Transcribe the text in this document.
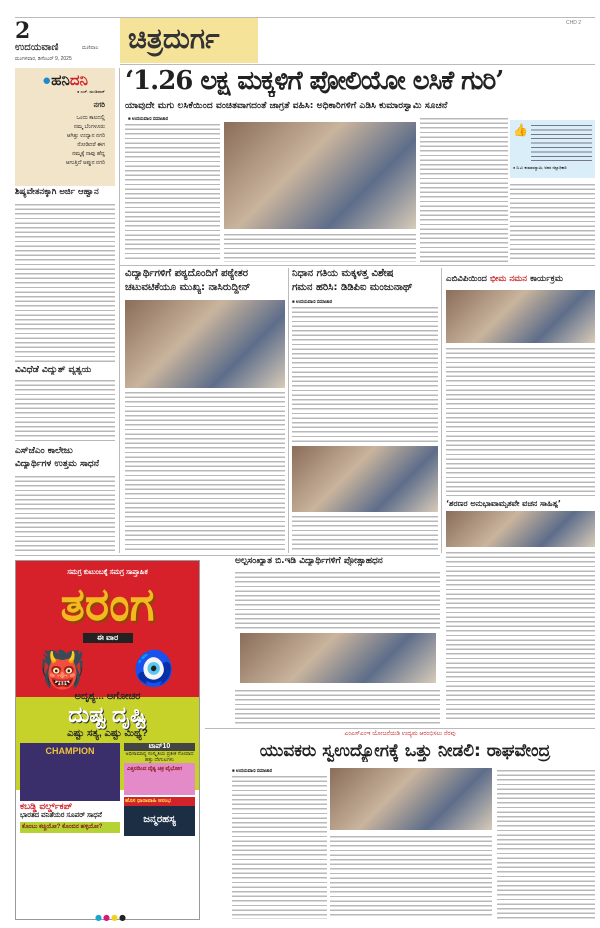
2
ಉದಯವಾಣಿ	ಮಣಿಪಾಲ
ಮಂಗಳವಾರ, ಡಿಸೆಂಬರ್ 9, 2025
ಚಿತ್ರದುರ್ಗ	CHD 2
●ಹನಿದನಿ
● ಎಚ್. ಡುಂಡಿರಾಜ್
ನಗರಿ
ಒಂದು ಕಾಲದಲ್ಲಿ
ನಮ್ಮ ಬೆಂಗಳೂರು
ಆಗಿತ್ತು ಉದ್ಯಾನ ನಗರಿ
ನೋಡಿದರೆ ಈಗ
ನಮ್ಮಕ್ಕೆ ನಾವು ಹೆದ್ದ
ಆಗುತ್ತಿದೆ ಅಪ್ಪುನ ನಗರಿ
ಶಿಷ್ಯವೇತನಕ್ಕಾಗಿ ಅರ್ಜಿ ಆಹ್ವಾನ
ವಿವಿಧೆಡೆ ವಿದ್ಯುತ್ ವ್ಯತ್ಯಯ
ಎಸ್‌ಜೆಎಂ ಕಾಲೇಜು
ವಿದ್ಯಾರ್ಥಿಗಳ ಉತ್ತಮ ಸಾಧನೆ
‘1.26 ಲಕ್ಷ ಮಕ್ಕಳಿಗೆ ಪೋಲಿಯೋ ಲಸಿಕೆ ಗುರಿ’
ಯಾವುದೇ ಮಗು ಲಸಿಕೆಯಿಂದ ವಂಚಿತವಾಗದಂತೆ ಜಾಗ್ರತೆ ವಹಿಸಿ: ಅಧಿಕಾರಿಗಳಿಗೆ ಎಡಿಸಿ ಕುಮಾರಸ್ವಾಮಿ ಸೂಚನೆ
■ ಉದಯವಾಣಿ ಸಮಾಚಾರ
👍
● ಬಿ.ಟಿ. ಕುಮಾರಸ್ವಾಮಿ, ಅಪರ ಜಿಲ್ಲಾಧಿಕಾರಿ
ವಿದ್ಯಾರ್ಥಿಗಳಿಗೆ ಪಠ್ಯದೊಂದಿಗೆ ಪಠ್ಯೇತರ
ಚಟುವಟಿಕೆಯೂ ಮುಖ್ಯ: ನಾಸಿರುದ್ದೀನ್
ನಿಧಾನ ಗತಿಯ ಮಕ್ಕಳತ್ತ ವಿಶೇಷ
ಗಮನ ಹರಿಸಿ: ಡಿಡಿಪಿಐ ಮಂಜುನಾಥ್
■ ಉದಯವಾಣಿ ಸಮಾಚಾರ
ಎಬಿವಿಪಿಯಿಂದ ಭೀಮ ನಮನ ಕಾರ್ಯಕ್ರಮ
‘ಶರಣರ ಅನುಭಾವಾಮೃತವೇ ವಚನ ಸಾಹಿತ್ಯ’
ಅಲ್ಪಸಂಖ್ಯಾತ ಬಿ.ಇಡಿ ವಿದ್ಯಾರ್ಥಿಗಳಿಗೆ ಪ್ರೋತ್ಸಾಹಧನ
ಸಮಗ್ರ ಕುಟುಂಬಕ್ಕೆ ಸಮಗ್ರ ಸಾಪ್ತಾಹಿಕ
ತರಂಗ
ಈ ವಾರ
👹 🧿
ಅದೃಶ್ಯ... ಅಗೋಚರ
ದುಷ್ಟ ದೃಷ್ಟಿ
ಎಷ್ಟು ಸತ್ಯ, ಎಷ್ಟು ಮಿಥ್ಯ?
CHAMPION
ಕಬಡ್ಡಿ ವರ್ಲ್ಡ್‌ಕಪ್
ಭಾರತದ ವನಿತೆಯರ ಸೂಪರ್ ಸಾಧನೆ
ಕೊಂಬು ಕಚ್ಚಿಯೋ? ಕೊಂಬಿನ ಹಳ್ಳಿಯೋ?
ಟಾಪ್10
ಅಧಿಸಾಮಾನ್ಯ ಸಂಸ್ಕೃತಿಯ ಪ್ರತೀಕ ಗೋವಾದ ಹತ್ತು ದೇಗುಲಗಳು
ಎತ್ತರದಿಂದ ದೈತ್ಯ ಚಕ್ರ ವೈಭೋಗ
ಹೊಸ ಧಾರಾವಾಹಿ ಆರಂಭ
ಜನ್ಮರಹಸ್ಯ
ಎಂಎಸ್‌ಎಂಇ ಯೋಜನೆಯಡಿ ಉದ್ಯಮ ಆರಂಭಿಸಲು ನೆರವು
ಯುವಕರು ಸ್ವಉದ್ಯೋಗಕ್ಕೆ ಒತ್ತು ನೀಡಲಿ: ರಾಘವೇಂದ್ರ
■ ಉದಯವಾಣಿ ಸಮಾಚಾರ
●●●●
